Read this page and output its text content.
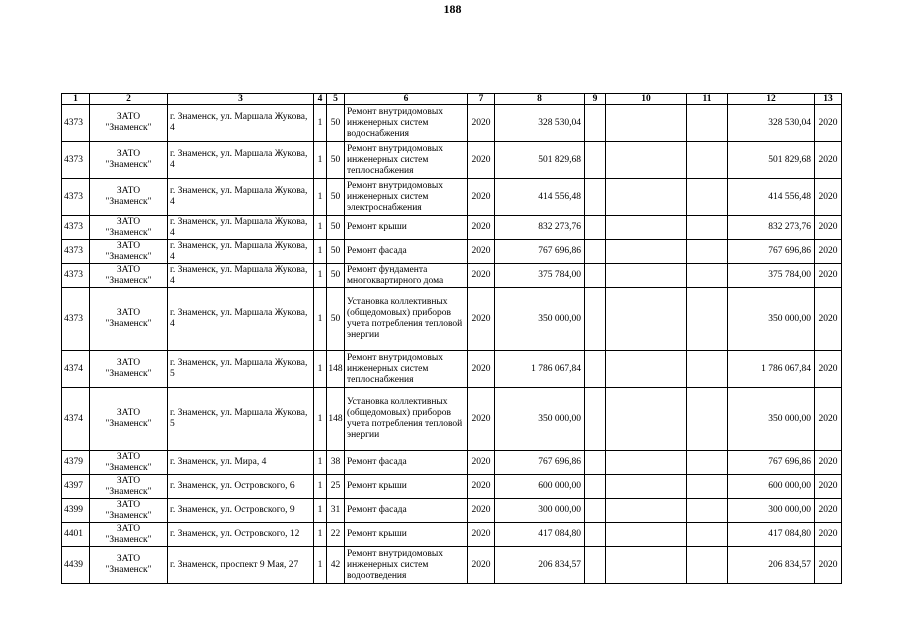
188
1	2	3	4	5	6	7	8	9	10	11	12	13
4373	ЗАТО "Знаменск"	г. Знаменск, ул. Маршала Жукова, 4	1	50	Ремонт внутридомовых инженерных систем водоснабжения	2020	328 530,04				328 530,04	2020
4373	ЗАТО "Знаменск"	г. Знаменск, ул. Маршала Жукова, 4	1	50	Ремонт внутридомовых инженерных систем теплоснабжения	2020	501 829,68				501 829,68	2020
4373	ЗАТО "Знаменск"	г. Знаменск, ул. Маршала Жукова, 4	1	50	Ремонт внутридомовых инженерных систем электроснабжения	2020	414 556,48				414 556,48	2020
4373	ЗАТО "Знаменск"	г. Знаменск, ул. Маршала Жукова, 4	1	50	Ремонт крыши	2020	832 273,76				832 273,76	2020
4373	ЗАТО "Знаменск"	г. Знаменск, ул. Маршала Жукова, 4	1	50	Ремонт фасада	2020	767 696,86				767 696,86	2020
4373	ЗАТО "Знаменск"	г. Знаменск, ул. Маршала Жукова, 4	1	50	Ремонт фундамента многоквартирного дома	2020	375 784,00				375 784,00	2020
4373	ЗАТО "Знаменск"	г. Знаменск, ул. Маршала Жукова, 4	1	50	Установка коллективных (общедомовых) приборов учета потребления тепловой энергии	2020	350 000,00				350 000,00	2020
4374	ЗАТО "Знаменск"	г. Знаменск, ул. Маршала Жукова, 5	1	148	Ремонт внутридомовых инженерных систем теплоснабжения	2020	1 786 067,84				1 786 067,84	2020
4374	ЗАТО "Знаменск"	г. Знаменск, ул. Маршала Жукова, 5	1	148	Установка коллективных (общедомовых) приборов учета потребления тепловой энергии	2020	350 000,00				350 000,00	2020
4379	ЗАТО "Знаменск"	г. Знаменск, ул. Мира, 4	1	38	Ремонт фасада	2020	767 696,86				767 696,86	2020
4397	ЗАТО "Знаменск"	г. Знаменск, ул. Островского, 6	1	25	Ремонт крыши	2020	600 000,00				600 000,00	2020
4399	ЗАТО "Знаменск"	г. Знаменск, ул. Островского, 9	1	31	Ремонт фасада	2020	300 000,00				300 000,00	2020
4401	ЗАТО "Знаменск"	г. Знаменск, ул. Островского, 12	1	22	Ремонт крыши	2020	417 084,80				417 084,80	2020
4439	ЗАТО "Знаменск"	г. Знаменск, проспект 9 Мая, 27	1	42	Ремонт внутридомовых инженерных систем водоотведения	2020	206 834,57				206 834,57	2020
